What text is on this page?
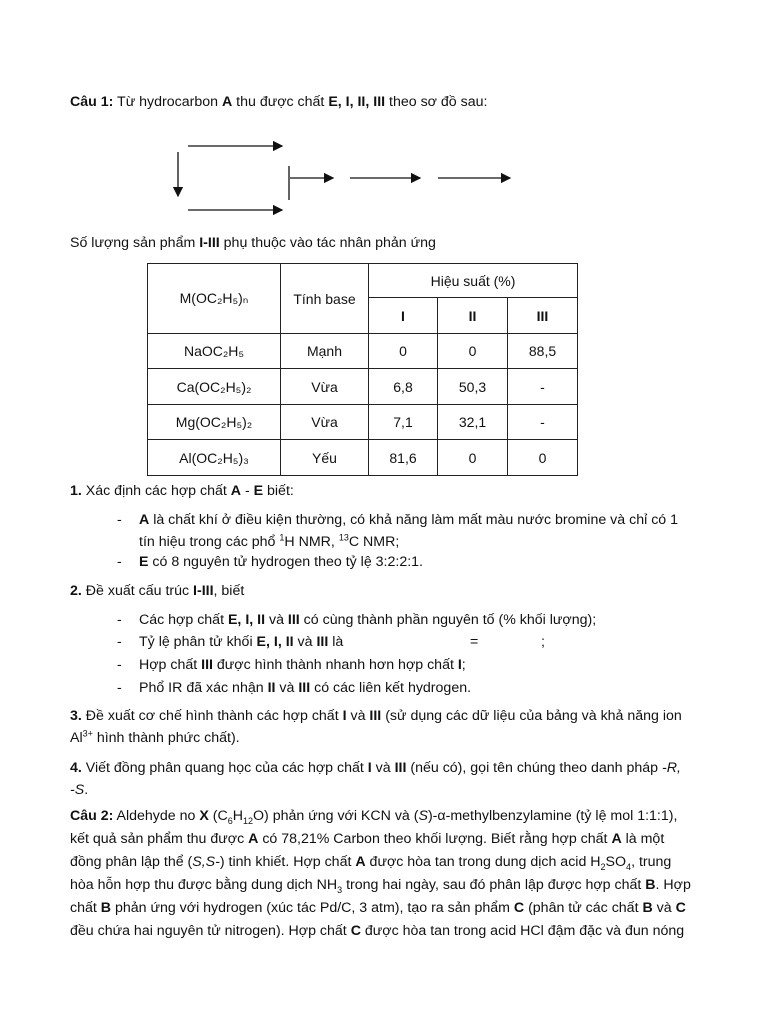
Câu 1: Từ hydrocarbon A thu được chất E, I, II, III theo sơ đồ sau:
Số lượng sản phẩm I-III phụ thuộc vào tác nhân phản ứng
M(OC₂H₅)ₙ	Tính base	Hiệu suất (%)		
		I	II	III
NaOC₂H₅	Mạnh	0	0	88,5
Ca(OC₂H₅)₂	Vừa	6,8	50,3	-
Mg(OC₂H₅)₂	Vừa	7,1	32,1	-
Al(OC₂H₅)₃	Yếu	81,6	0	0
1. Xác định các hợp chất A - E biết:
- A là chất khí ở điều kiện thường, có khả năng làm mất màu nước bromine và chỉ có 1
tín hiệu trong các phổ $^1$H NMR, $^{13}$C NMR;
- E có 8 nguyên tử hydrogen theo tỷ lệ 3:2:2:1.
2. Đề xuất cấu trúc I-III, biết
- Các hợp chất E, I, II và III có cùng thành phần nguyên tố (% khối lượng);
- Tỷ lệ phân tử khối E, I, II và III là	=	;
- Hợp chất III được hình thành nhanh hơn hợp chất I;
- Phổ IR đã xác nhận II và III có các liên kết hydrogen.
3. Đề xuất cơ chế hình thành các hợp chất I và III (sử dụng các dữ liệu của bảng và khả năng ion
$Al^{3+}$ hình thành phức chất).
4. Viết đồng phân quang học của các hợp chất I và III (nếu có), gọi tên chúng theo danh pháp -R,
-S.
Câu 2: Aldehyde no X $(C_6H_{12}O)$ phản ứng với KCN và (S)-α-methylbenzylamine (tỷ lệ mol 1:1:1),
kết quả sản phẩm thu được A có 78,21% Carbon theo khối lượng. Biết rằng hợp chất A là một
đồng phân lập thể (S,S-) tinh khiết. Hợp chất A được hòa tan trong dung dịch acid $H_2SO_4$, trung
hòa hỗn hợp thu được bằng dung dịch $NH_3$ trong hai ngày, sau đó phân lập được hợp chất B. Hợp
chất B phản ứng với hydrogen (xúc tác Pd/C, 3 atm), tạo ra sản phẩm C (phân tử các chất B và C
đều chứa hai nguyên tử nitrogen). Hợp chất C được hòa tan trong acid HCl đậm đặc và đun nóng
